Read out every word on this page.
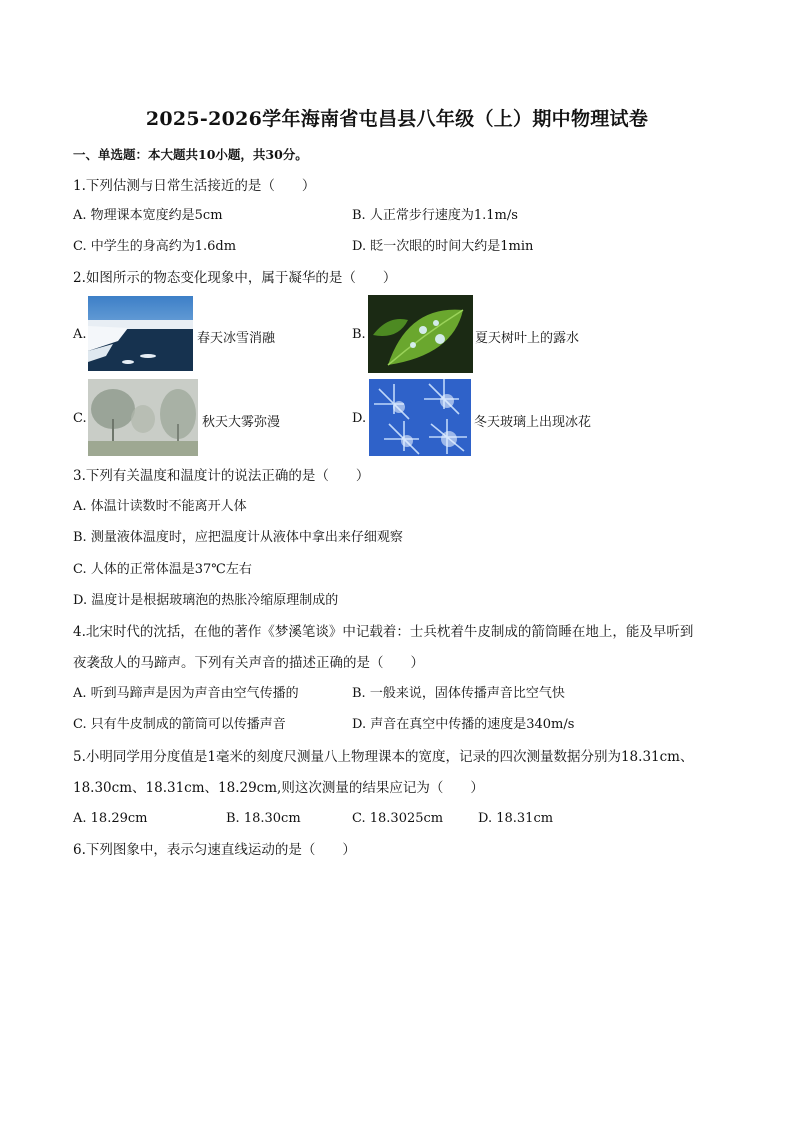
2025-2026学年海南省屯昌县八年级（上）期中物理试卷
一、单选题：本大题共10小题，共30分。
1.下列估测与日常生活接近的是（　　）
A. 物理课本宽度约是5cm	B. 人正常步行速度为1.1m/s
C. 中学生的身高约为1.6dm	D. 眨一次眼的时间大约是1min
2.如图所示的物态变化现象中，属于凝华的是（　　）
A.	春天冰雪消融	B.	夏天树叶上的露水
C.	秋天大雾弥漫	D.	冬天玻璃上出现冰花
3.下列有关温度和温度计的说法正确的是（　　）
A. 体温计读数时不能离开人体
B. 测量液体温度时，应把温度计从液体中拿出来仔细观察
C. 人体的正常体温是37℃左右
D. 温度计是根据玻璃泡的热胀冷缩原理制成的
4.北宋时代的沈括，在他的著作《梦溪笔谈》中记载着：士兵枕着牛皮制成的箭筒睡在地上，能及早听到
夜袭敌人的马蹄声。下列有关声音的描述正确的是（　　）
A. 听到马蹄声是因为声音由空气传播的	B. 一般来说，固体传播声音比空气快
C. 只有牛皮制成的箭筒可以传播声音	D. 声音在真空中传播的速度是340m/s
5.小明同学用分度值是1毫米的刻度尺测量八上物理课本的宽度，记录的四次测量数据分别为18.31cm、
18.30cm、18.31cm、18.29cm,则这次测量的结果应记为（　　）
A. 18.29cm	B. 18.30cm	C. 18.3025cm	D. 18.31cm
6.下列图象中，表示匀速直线运动的是（　　）
